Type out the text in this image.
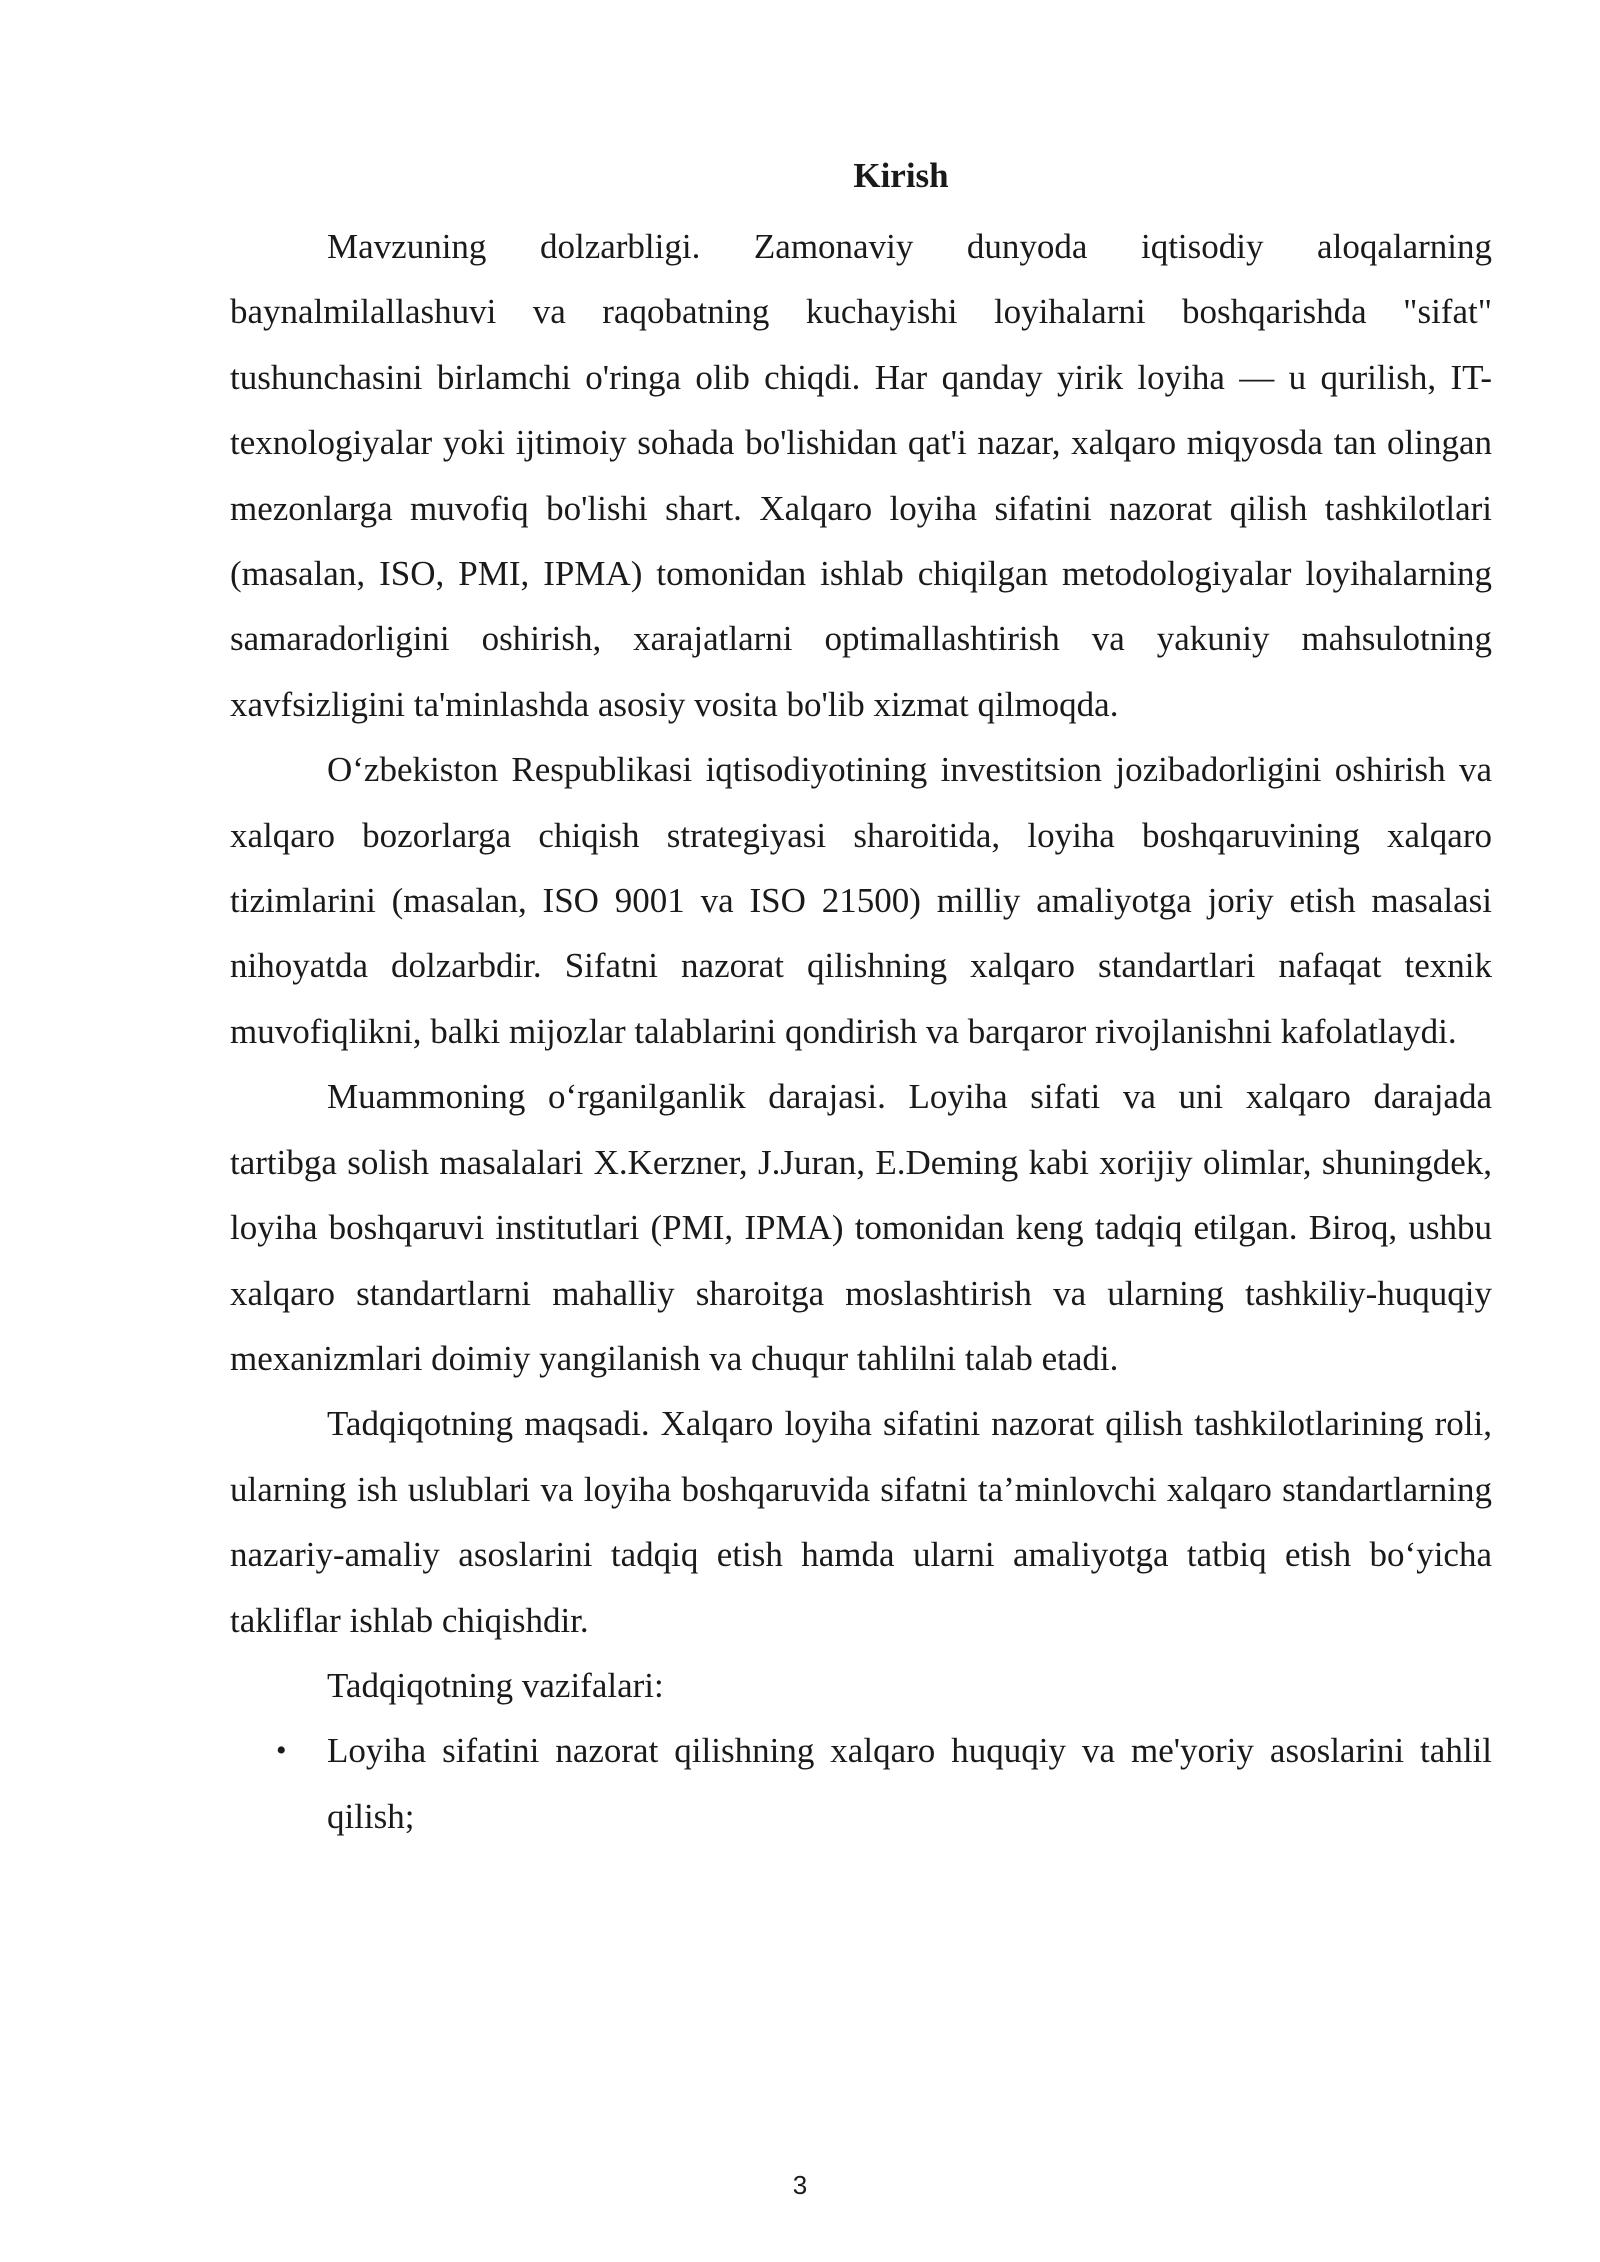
Kirish

Mavzuning dolzarbligi. Zamonaviy dunyoda iqtisodiy aloqalarning baynalmilallashuvi va raqobatning kuchayishi loyihalarni boshqarishda "sifat" tushunchasini birlamchi o'ringa olib chiqdi. Har qanday yirik loyiha — u qurilish, IT-texnologiyalar yoki ijtimoiy sohada bo'lishidan qat'i nazar, xalqaro miqyosda tan olingan mezonlarga muvofiq bo'lishi shart. Xalqaro loyiha sifatini nazorat qilish tashkilotlari (masalan, ISO, PMI, IPMA) tomonidan ishlab chiqilgan metodologiyalar loyihalarning samaradorligini oshirish, xarajatlarni optimallashtirish va yakuniy mahsulotning xavfsizligini ta'minlashda asosiy vosita bo'lib xizmat qilmoqda.

O‘zbekiston Respublikasi iqtisodiyotining investitsion jozibadorligini oshirish va xalqaro bozorlarga chiqish strategiyasi sharoitida, loyiha boshqaruvining xalqaro tizimlarini (masalan, ISO 9001 va ISO 21500) milliy amaliyotga joriy etish masalasi nihoyatda dolzarbdir. Sifatni nazorat qilishning xalqaro standartlari nafaqat texnik muvofiqlikni, balki mijozlar talablarini qondirish va barqaror rivojlanishni kafolatlaydi.

Muammoning o‘rganilganlik darajasi. Loyiha sifati va uni xalqaro darajada tartibga solish masalalari X.Kerzner, J.Juran, E.Deming kabi xorijiy olimlar, shuningdek, loyiha boshqaruvi institutlari (PMI, IPMA) tomonidan keng tadqiq etilgan. Biroq, ushbu xalqaro standartlarni mahalliy sharoitga moslashtirish va ularning tashkiliy-huquqiy mexanizmlari doimiy yangilanish va chuqur tahlilni talab etadi.

Tadqiqotning maqsadi. Xalqaro loyiha sifatini nazorat qilish tashkilotlarining roli, ularning ish uslublari va loyiha boshqaruvida sifatni ta’minlovchi xalqaro standartlarning nazariy-amaliy asoslarini tadqiq etish hamda ularni amaliyotga tatbiq etish bo‘yicha takliflar ishlab chiqishdir.

Tadqiqotning vazifalari:

• Loyiha sifatini nazorat qilishning xalqaro huquqiy va me'yoriy asoslarini tahlil qilish;
3
